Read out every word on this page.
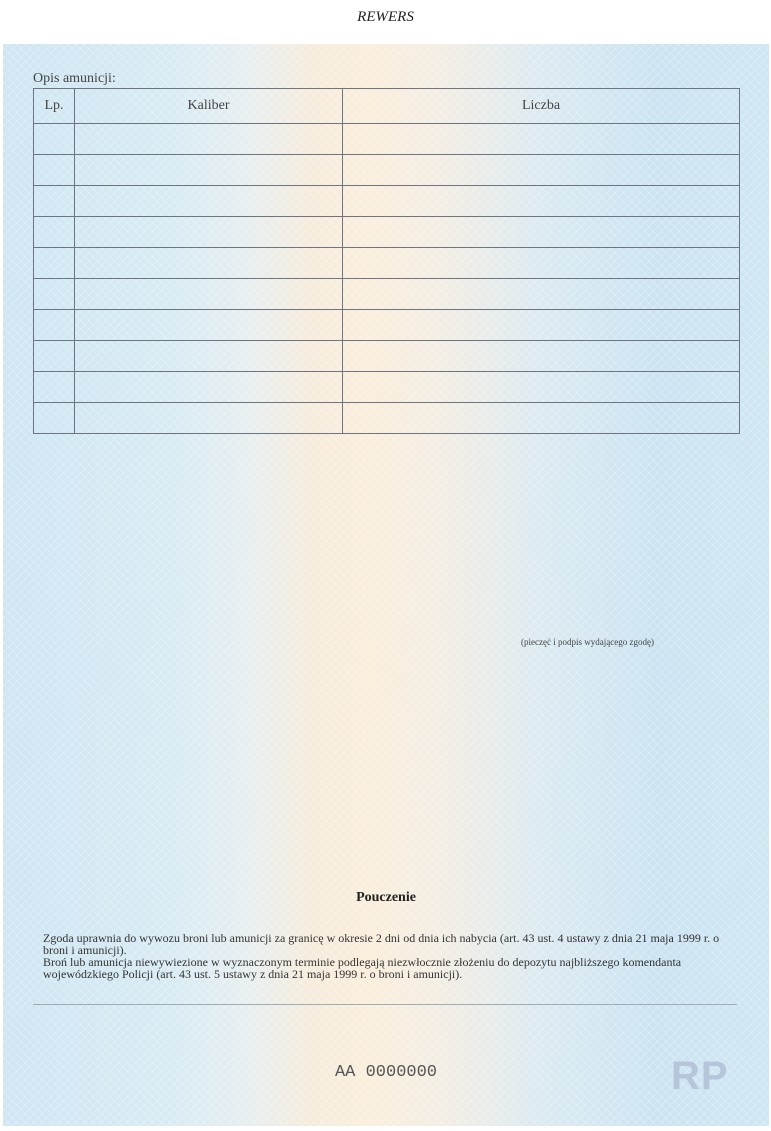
REWERS
Opis amunicji:
Lp.	Kaliber	Liczba

(pieczęć i podpis wydającego zgodę)
Pouczenie

Zgoda uprawnia do wywozu broni lub amunicji za granicę w okresie 2 dni od dnia ich nabycia (art. 43 ust. 4 ustawy z dnia 21 maja 1999 r. o broni i amunicji).

Broń lub amunicja niewywiezione w wyznaczonym terminie podlegają niezwłocznie złożeniu do depozytu najbliższego komendanta wojewódzkiego Policji (art. 43 ust. 5 ustawy z dnia 21 maja 1999 r. o broni i amunicji).

AA 0000000	RP
